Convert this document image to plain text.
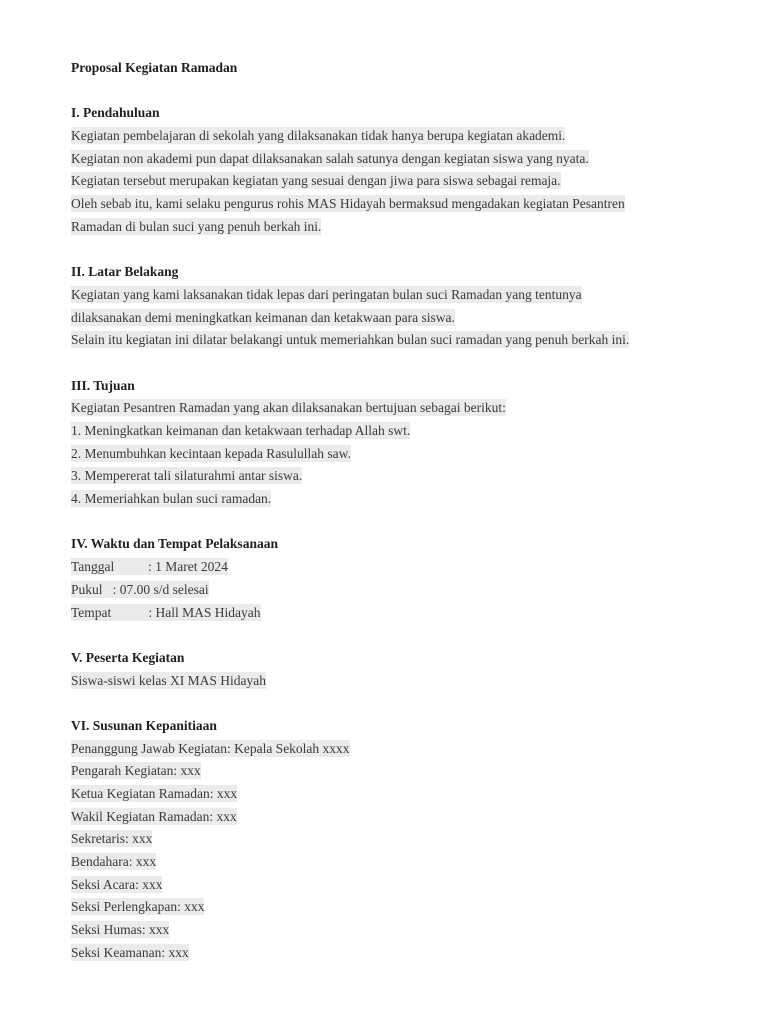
Proposal Kegiatan Ramadan
I. Pendahuluan
Kegiatan pembelajaran di sekolah yang dilaksanakan tidak hanya berupa kegiatan akademi.
Kegiatan non akademi pun dapat dilaksanakan salah satunya dengan kegiatan siswa yang nyata.
Kegiatan tersebut merupakan kegiatan yang sesuai dengan jiwa para siswa sebagai remaja.
Oleh sebab itu, kami selaku pengurus rohis MAS Hidayah bermaksud mengadakan kegiatan Pesantren
Ramadan di bulan suci yang penuh berkah ini.
II. Latar Belakang
Kegiatan yang kami laksanakan tidak lepas dari peringatan bulan suci Ramadan yang tentunya
dilaksanakan demi meningkatkan keimanan dan ketakwaan para siswa.
Selain itu kegiatan ini dilatar belakangi untuk memeriahkan bulan suci ramadan yang penuh berkah ini.
III. Tujuan
Kegiatan Pesantren Ramadan yang akan dilaksanakan bertujuan sebagai berikut:
1. Meningkatkan keimanan dan ketakwaan terhadap Allah swt.
2. Menumbuhkan kecintaan kepada Rasulullah saw.
3. Mempererat tali silaturahmi antar siswa.
4. Memeriahkan bulan suci ramadan.
IV. Waktu dan Tempat Pelaksanaan
Tanggal          : 1 Maret 2024
Pukul   : 07.00 s/d selesai
Tempat           : Hall MAS Hidayah
V. Peserta Kegiatan
Siswa-siswi kelas XI MAS Hidayah
VI. Susunan Kepanitiaan
Penanggung Jawab Kegiatan: Kepala Sekolah xxxx
Pengarah Kegiatan: xxx
Ketua Kegiatan Ramadan: xxx
Wakil Kegiatan Ramadan: xxx
Sekretaris: xxx
Bendahara: xxx
Seksi Acara: xxx
Seksi Perlengkapan: xxx
Seksi Humas: xxx
Seksi Keamanan: xxx
